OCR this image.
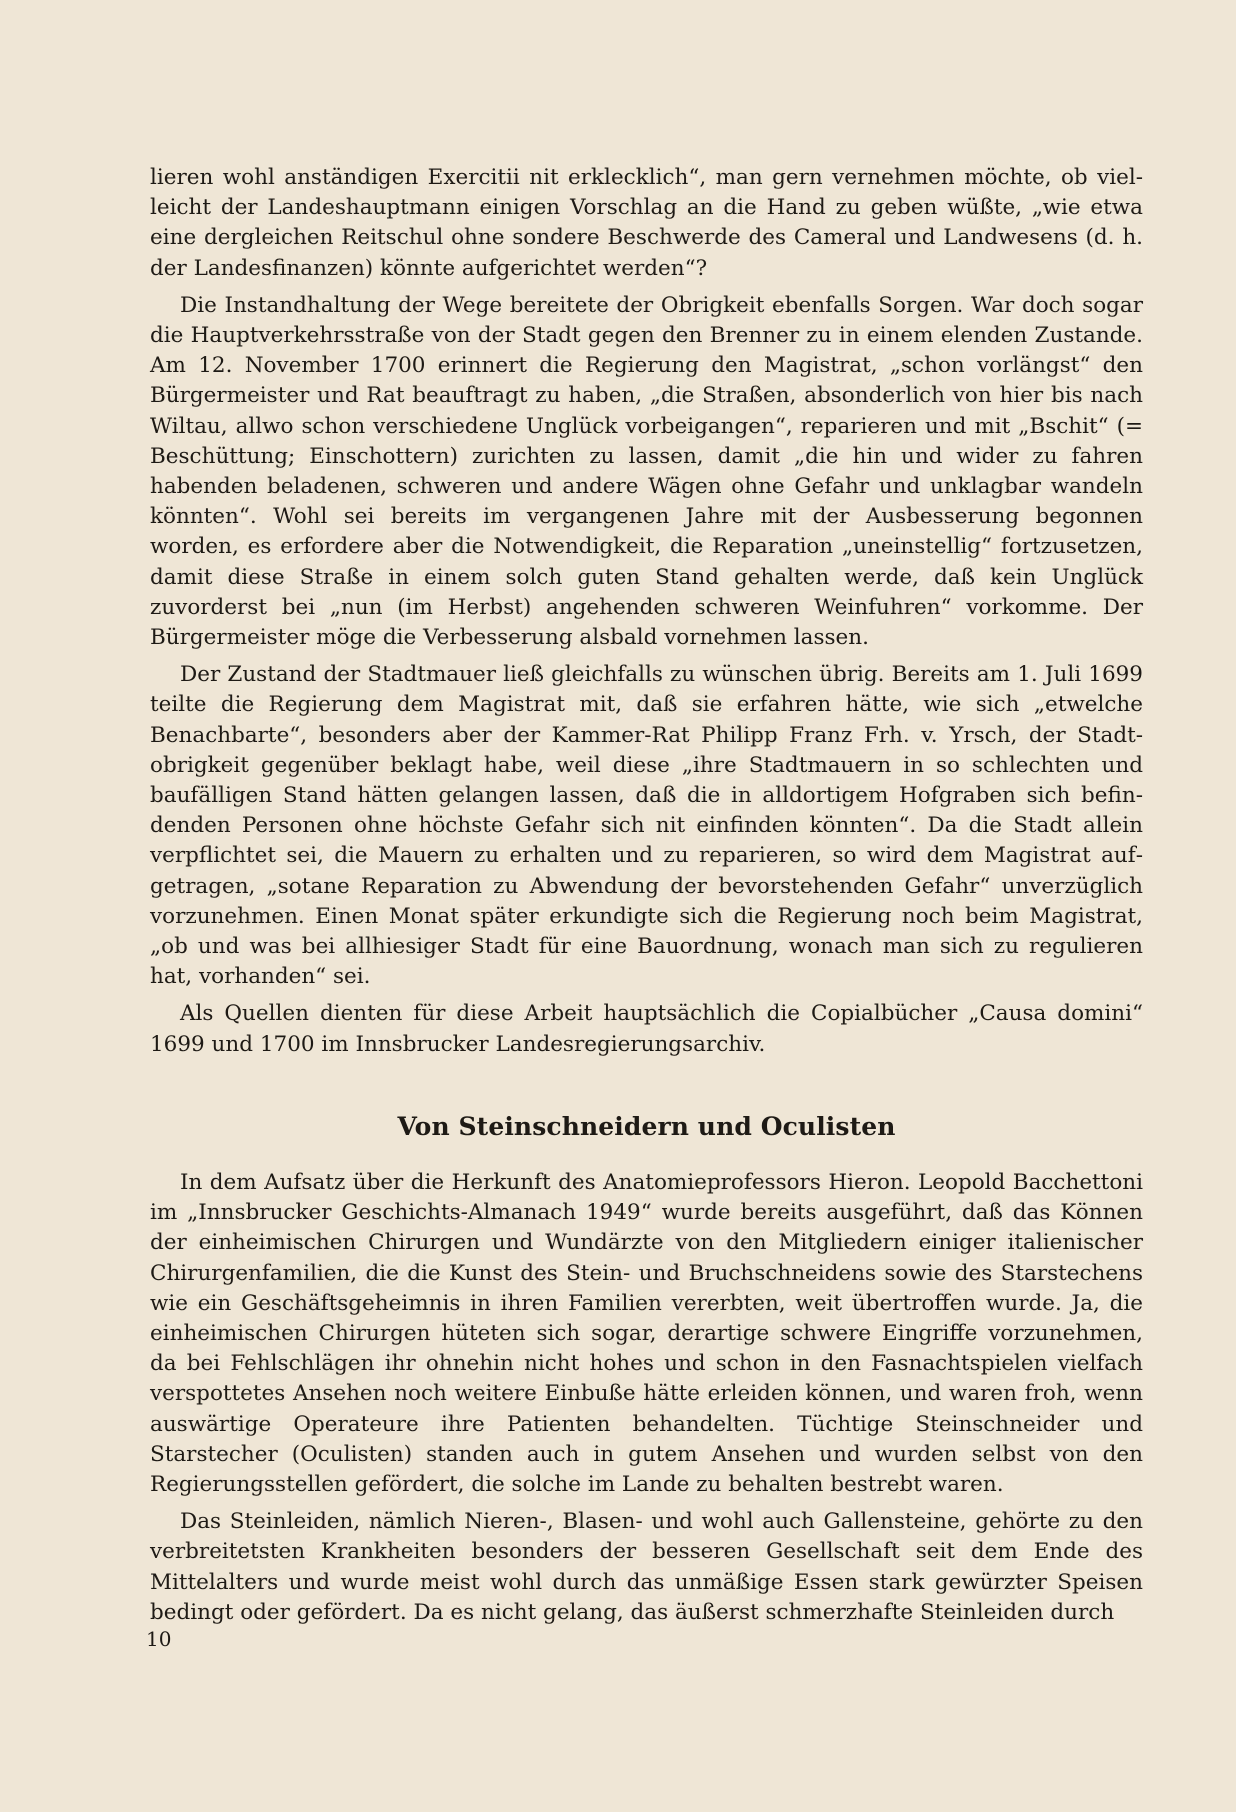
lieren wohl anständigen Exercitii nit erklecklich“, man gern vernehmen möchte, ob vielleicht der Landeshauptmann einigen Vorschlag an die Hand zu geben wüßte, „wie etwa eine dergleichen Reitschul ohne sondere Beschwerde des Cameral und Landwesens (d. h. der Landesfinanzen) könnte aufgerichtet werden“?

Die Instandhaltung der Wege bereitete der Obrigkeit ebenfalls Sorgen. War doch sogar die Hauptverkehrsstraße von der Stadt gegen den Brenner zu in einem elenden Zustande. Am 12. November 1700 erinnert die Regierung den Magistrat, „schon vorlängst“ den Bürgermeister und Rat beauftragt zu haben, „die Straßen, absonderlich von hier bis nach Wiltau, allwo schon verschiedene Unglück vorbeigangen“, reparieren und mit „Bschit“ (= Beschüttung; Einschottern) zurichten zu lassen, damit „die hin und wider zu fahren habenden beladenen, schweren und andere Wägen ohne Gefahr und unklagbar wandeln könnten“. Wohl sei bereits im vergangenen Jahre mit der Ausbesserung begonnen worden, es erfordere aber die Notwendigkeit, die Reparation „uneinstellig“ fortzusetzen, damit diese Straße in einem solch guten Stand gehalten werde, daß kein Unglück zuvorderst bei „nun (im Herbst) angehenden schweren Weinfuhren“ vorkomme. Der Bürgermeister möge die Verbesserung alsbald vornehmen lassen.

Der Zustand der Stadtmauer ließ gleichfalls zu wünschen übrig. Bereits am 1. Juli 1699 teilte die Regierung dem Magistrat mit, daß sie erfahren hätte, wie sich „etwelche Benachbarte“, besonders aber der Kammer-Rat Philipp Franz Frh. v. Yrsch, der Stadtobrigkeit gegenüber beklagt habe, weil diese „ihre Stadtmauern in so schlechten und baufälligen Stand hätten gelangen lassen, daß die in alldortigem Hofgraben sich befindenden Personen ohne höchste Gefahr sich nit einfinden könnten“. Da die Stadt allein verpflichtet sei, die Mauern zu erhalten und zu reparieren, so wird dem Magistrat aufgetragen, „sotane Reparation zu Abwendung der bevorstehenden Gefahr“ unverzüglich vorzunehmen. Einen Monat später erkundigte sich die Regierung noch beim Magistrat, „ob und was bei allhiesiger Stadt für eine Bauordnung, wonach man sich zu regulieren hat, vorhanden“ sei.

Als Quellen dienten für diese Arbeit hauptsächlich die Copialbücher „Causa domini“ 1699 und 1700 im Innsbrucker Landesregierungsarchiv.

Von Steinschneidern und Oculisten

In dem Aufsatz über die Herkunft des Anatomieprofessors Hieron. Leopold Bacchettoni im „Innsbrucker Geschichts-Almanach 1949“ wurde bereits ausgeführt, daß das Können der einheimischen Chirurgen und Wundärzte von den Mitgliedern einiger italienischer Chirurgenfamilien, die die Kunst des Stein- und Bruchschneidens sowie des Starstechens wie ein Geschäftsgeheimnis in ihren Familien vererbten, weit übertroffen wurde. Ja, die einheimischen Chirurgen hüteten sich sogar, derartige schwere Eingriffe vorzunehmen, da bei Fehlschlägen ihr ohnehin nicht hohes und schon in den Fasnachtspielen vielfach verspottetes Ansehen noch weitere Einbuße hätte erleiden können, und waren froh, wenn auswärtige Operateure ihre Patienten behandelten. Tüchtige Steinschneider und Starstecher (Oculisten) standen auch in gutem Ansehen und wurden selbst von den Regierungsstellen gefördert, die solche im Lande zu behalten bestrebt waren.

Das Steinleiden, nämlich Nieren-, Blasen- und wohl auch Gallensteine, gehörte zu den verbreitetsten Krankheiten besonders der besseren Gesellschaft seit dem Ende des Mittelalters und wurde meist wohl durch das unmäßige Essen stark gewürzter Speisen bedingt oder gefördert. Da es nicht gelang, das äußerst schmerzhafte Steinleiden durch

10
